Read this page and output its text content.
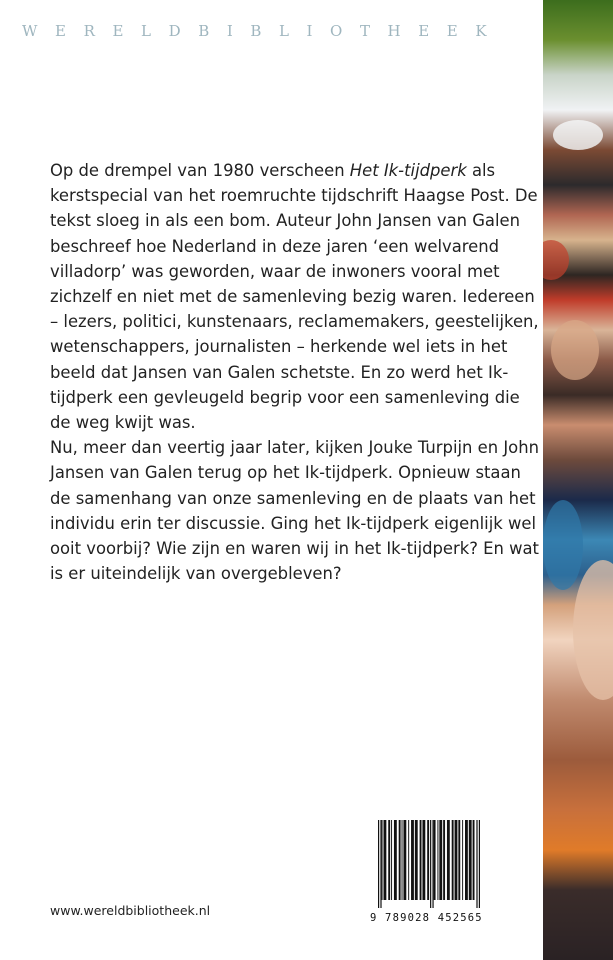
WERELDBIBLIOTHEEK

Op de drempel van 1980 verscheen Het Ik-tijdperk als kerstspecial van het roemruchte tijdschrift Haagse Post. De tekst sloeg in als een bom. Auteur John Jansen van Galen beschreef hoe Nederland in deze jaren ‘een welvarend villadorp’ was geworden, waar de inwoners vooral met zichzelf en niet met de samenleving bezig waren. Iedereen – lezers, politici, kunstenaars, reclamemakers, geestelijken, wetenschappers, journalisten – herkende wel iets in het beeld dat Jansen van Galen schetste. En zo werd het Ik-tijdperk een gevleugeld begrip voor een samenleving die de weg kwijt was.

Nu, meer dan veertig jaar later, kijken Jouke Turpijn en John Jansen van Galen terug op het Ik-tijdperk. Opnieuw staan de samenhang van onze samenleving en de plaats van het individu erin ter discussie. Ging het Ik-tijdperk eigenlijk wel ooit voorbij? Wie zijn en waren wij in het Ik-tijdperk? En wat is er uiteindelijk van overgebleven?

www.wereldbibliotheek.nl	9 789028 452565
